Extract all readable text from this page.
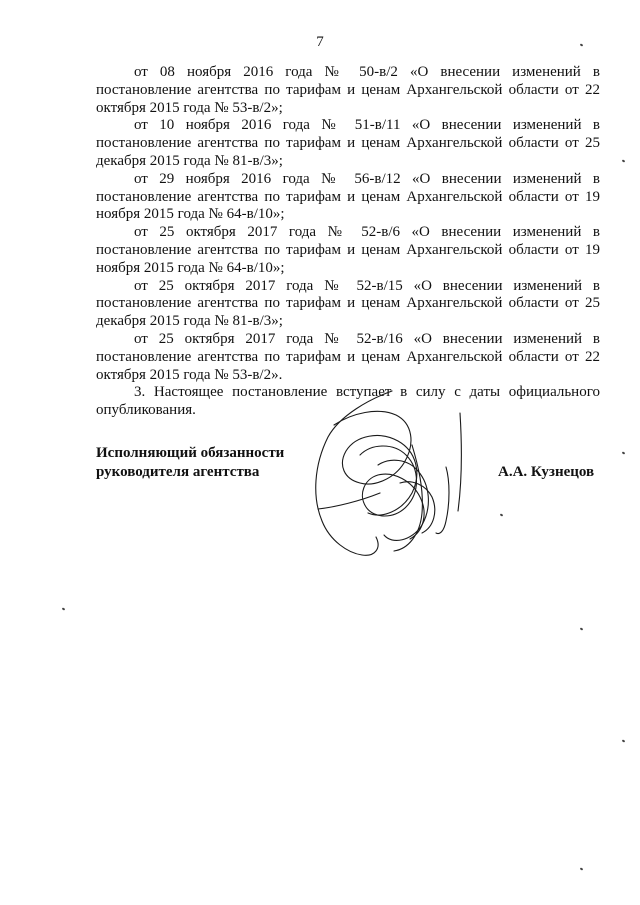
7

от 08 ноября 2016 года № 50-в/2 «О внесении изменений в постановление агентства по тарифам и ценам Архангельской области от 22 октября 2015 года № 53-в/2»;

от 10 ноября 2016 года № 51-в/11 «О внесении изменений в постановление агентства по тарифам и ценам Архангельской области от 25 декабря 2015 года № 81-в/3»;

от 29 ноября 2016 года № 56-в/12 «О внесении изменений в постановление агентства по тарифам и ценам Архангельской области от 19 ноября 2015 года № 64-в/10»;

от 25 октября 2017 года № 52-в/6 «О внесении изменений в постановление агентства по тарифам и ценам Архангельской области от 19 ноября 2015 года № 64-в/10»;

от 25 октября 2017 года № 52-в/15 «О внесении изменений в постановление агентства по тарифам и ценам Архангельской области от 25 декабря 2015 года № 81-в/3»;

от 25 октября 2017 года № 52-в/16 «О внесении изменений в постановление агентства по тарифам и ценам Архангельской области от 22 октября 2015 года № 53-в/2».

3. Настоящее постановление вступает в силу с даты официального опубликования.

Исполняющий обязанности
руководителя агентства	А.А. Кузнецов
